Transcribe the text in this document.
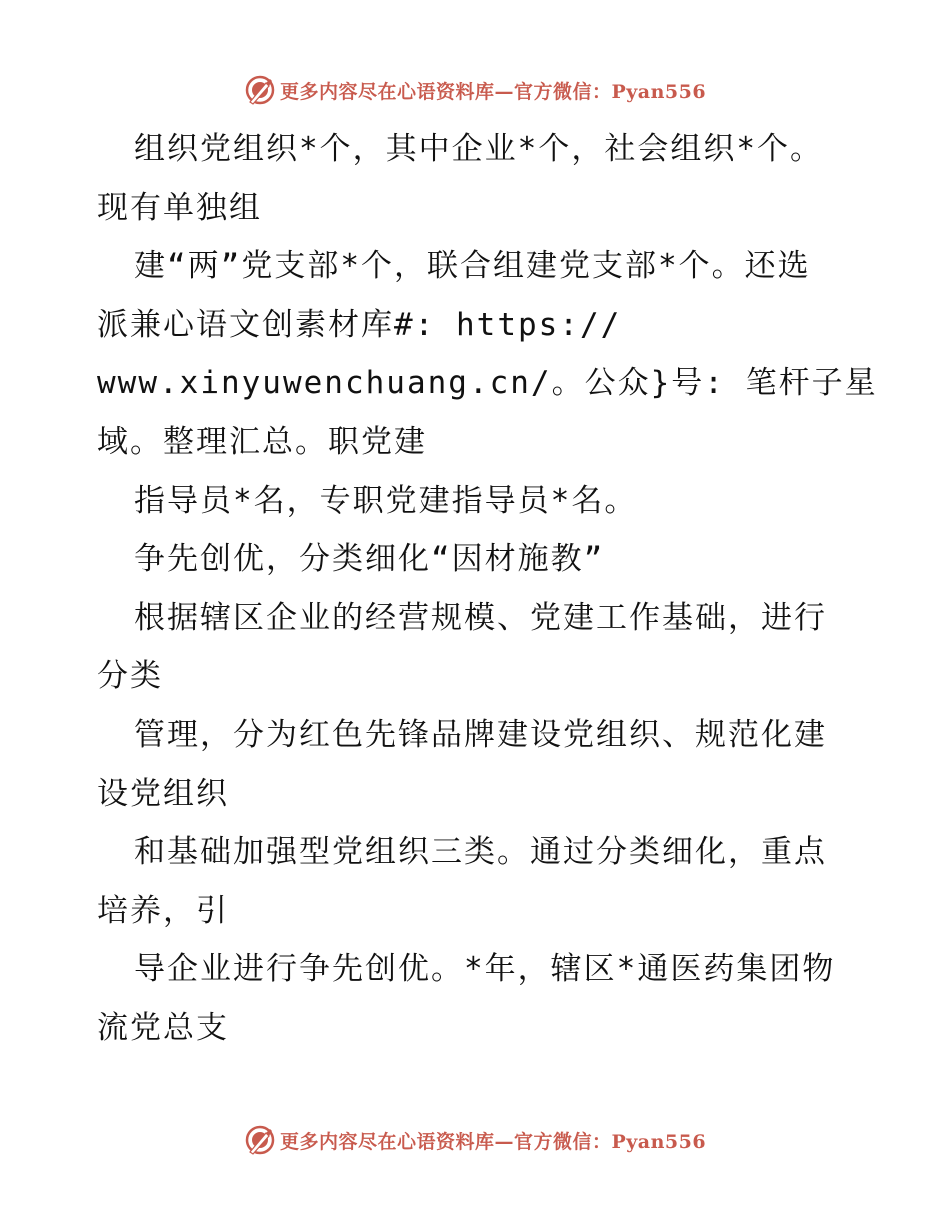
更多内容尽在心语资料库—官方微信：Pyan556
组织党组织*个，其中企业*个，社会组织*个。
现有单独组
建“两”党支部*个，联合组建党支部*个。还选
派兼心语文创素材库#: https://
www.xinyuwenchuang.cn/。公众}号: 笔杆子星
域。整理汇总。职党建
指导员*名，专职党建指导员*名。
争先创优，分类细化“因材施教”
根据辖区企业的经营规模、党建工作基础，进行
分类
管理，分为红色先锋品牌建设党组织、规范化建
设党组织
和基础加强型党组织三类。通过分类细化，重点
培养，引
导企业进行争先创优。*年，辖区*通医药集团物
流党总支
更多内容尽在心语资料库—官方微信：Pyan556
